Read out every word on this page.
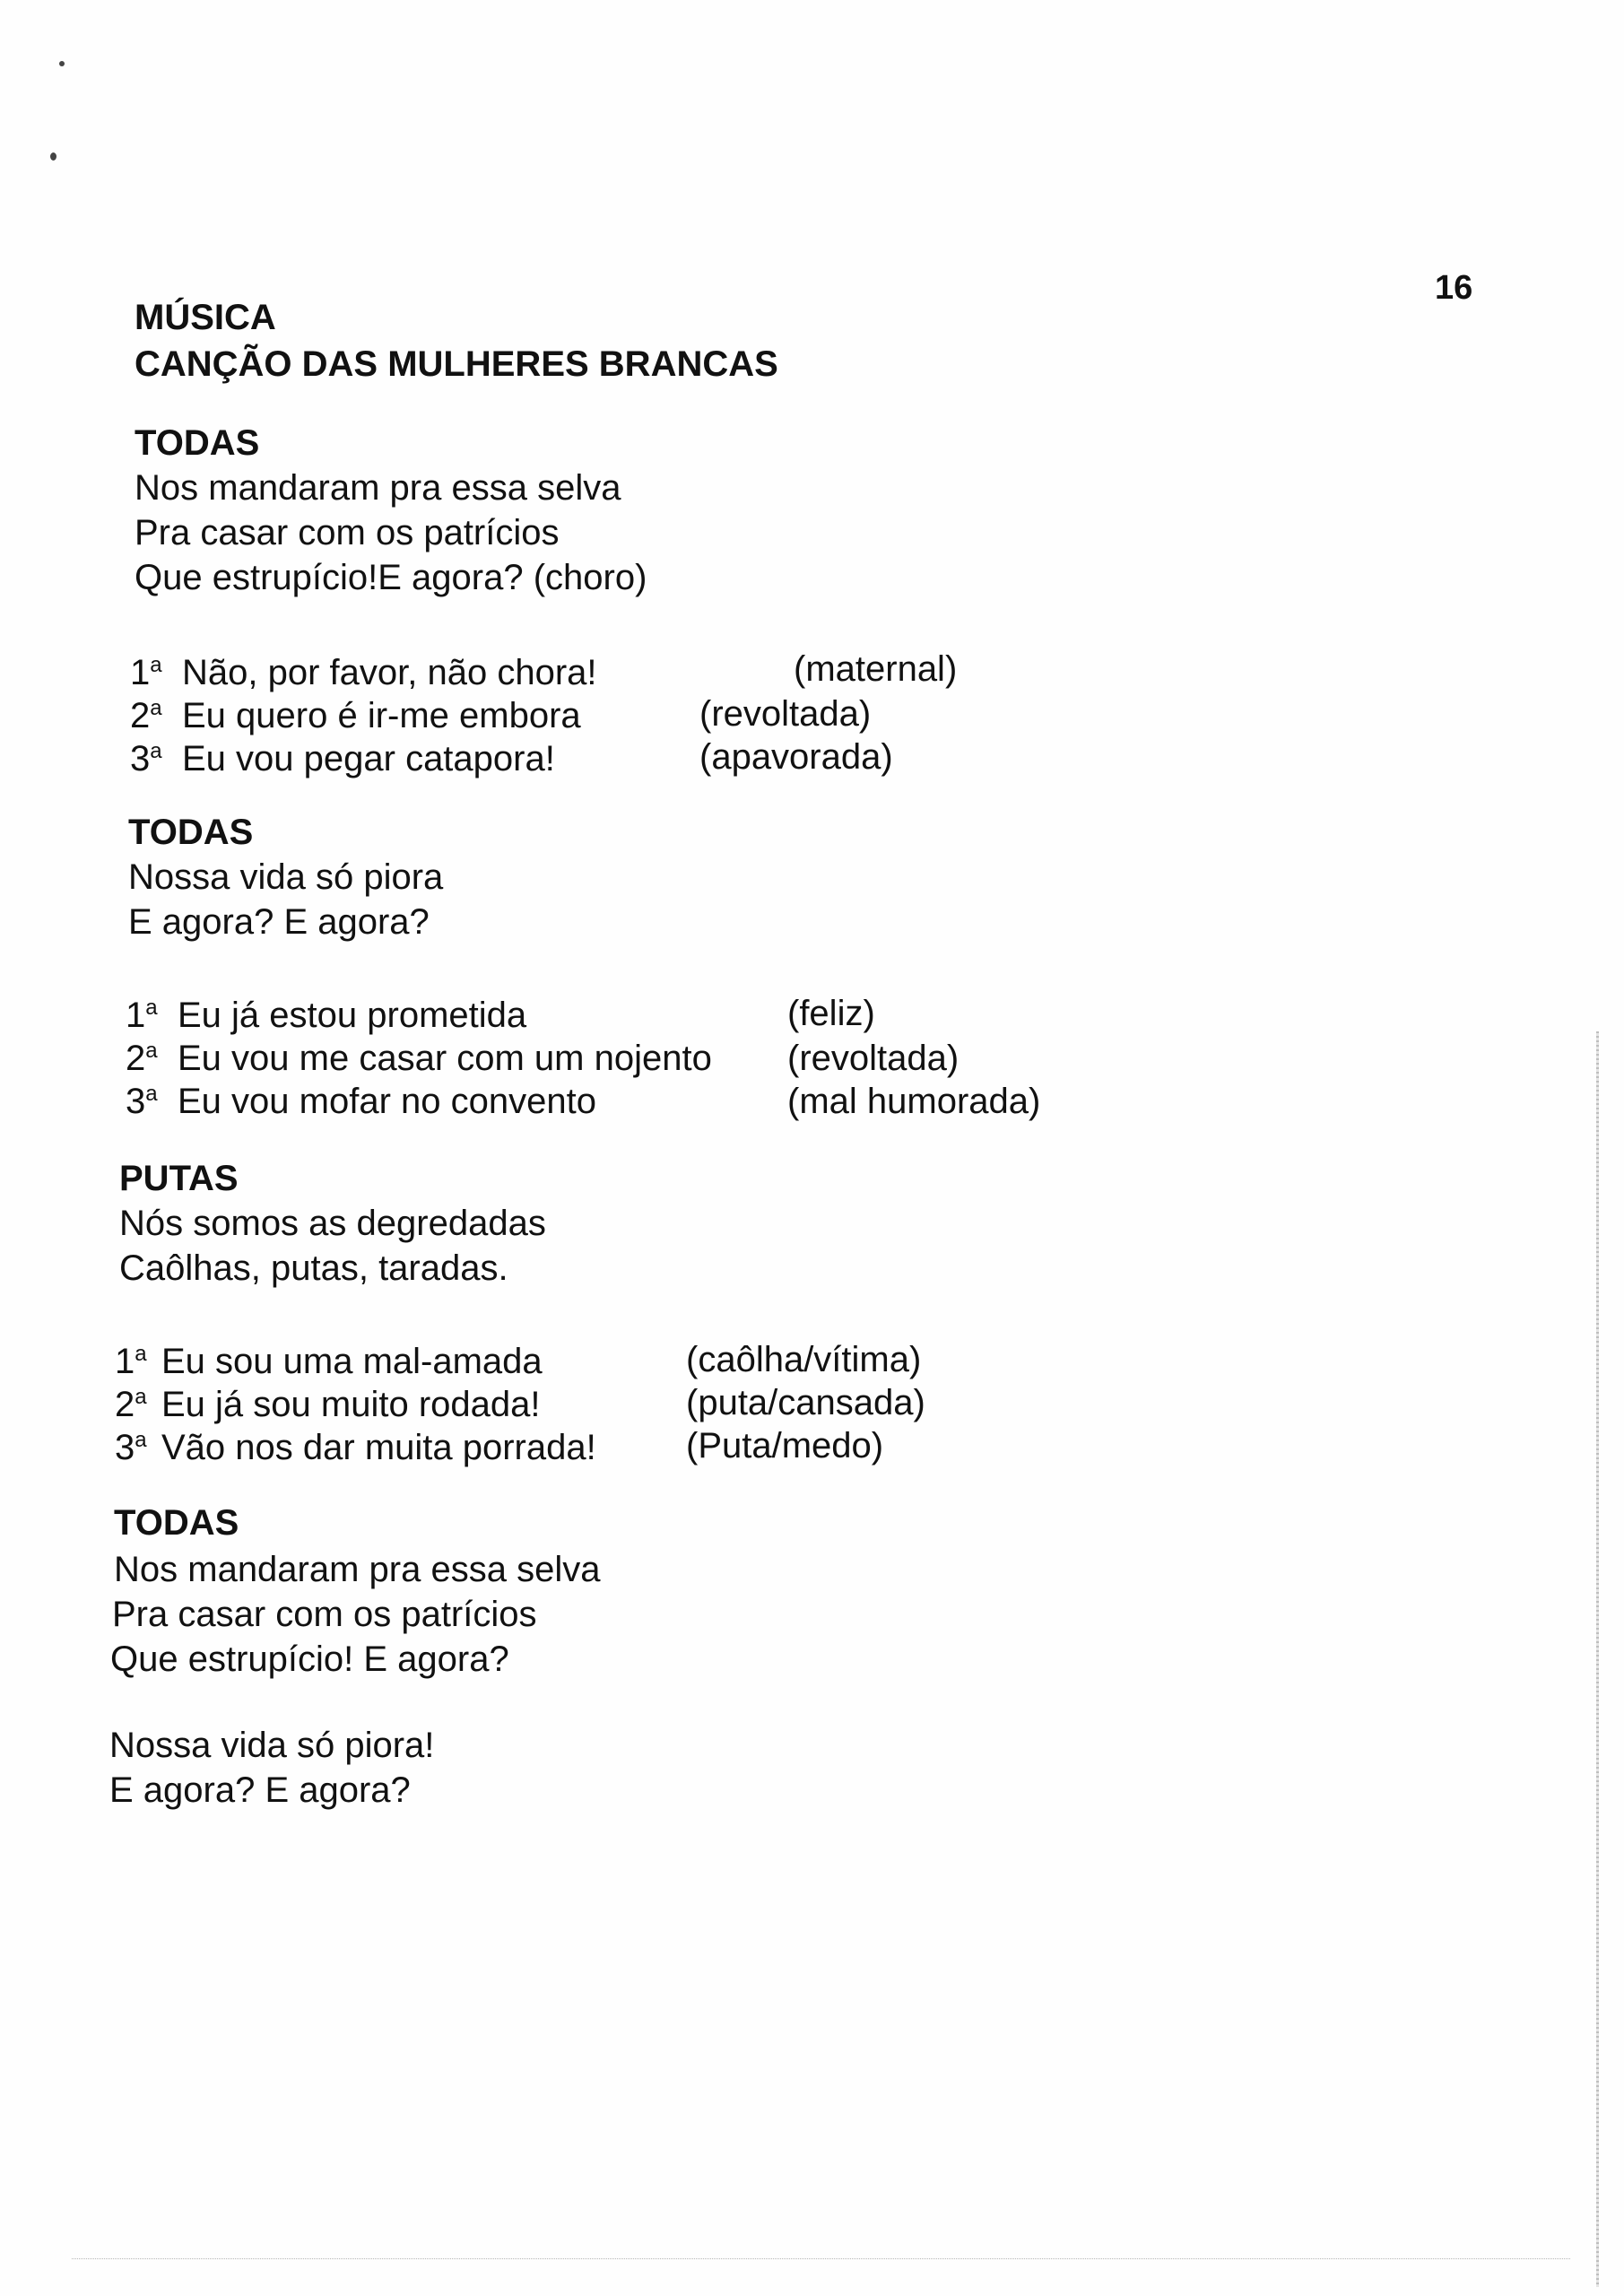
16
MÚSICA
CANÇÃO DAS MULHERES BRANCAS
TODAS
Nos mandaram pra essa selva
Pra casar com os patrícios
Que estrupício!E agora? (choro)
1$^a$ Não, por favor, não chora!	(maternal)
2$^a$ Eu quero é ir-me embora	(revoltada)
3$^a$ Eu vou pegar catapora!	(apavorada)
TODAS
Nossa vida só piora
E agora? E agora?
1$^a$ Eu já estou prometida	(feliz)
2$^a$ Eu vou me casar com um nojento (revoltada)
3$^a$ Eu vou mofar no convento	(mal humorada)
PUTAS
Nós somos as degredadas
Caôlhas, putas, taradas.
1$^a$ Eu sou uma mal-amada	(caôlha/vítima)
2$^a$ Eu já sou muito rodada!	(puta/cansada)
3$^a$ Vão nos dar muita porrada!	(Puta/medo)
TODAS
Nos mandaram pra essa selva
Pra casar com os patrícios
Que estrupício! E agora?
Nossa vida só piora!
E agora? E agora?
